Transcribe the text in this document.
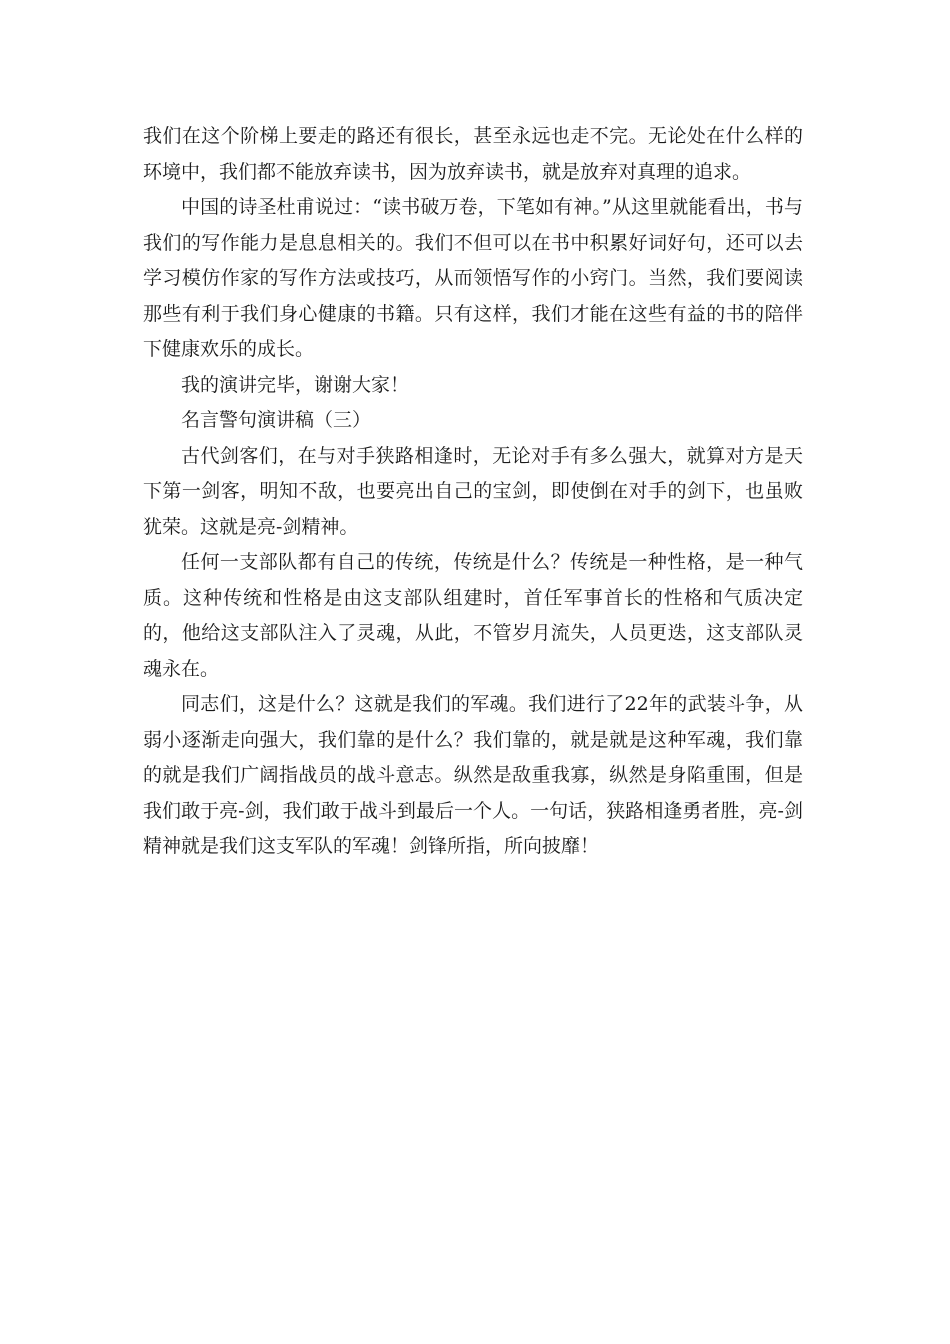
我们在这个阶梯上要走的路还有很长，甚至永远也走不完。无论处在什么样的环境中，我们都不能放弃读书，因为放弃读书，就是放弃对真理的追求。

中国的诗圣杜甫说过：“读书破万卷，下笔如有神。”从这里就能看出，书与我们的写作能力是息息相关的。我们不但可以在书中积累好词好句，还可以去学习模仿作家的写作方法或技巧，从而领悟写作的小窍门。当然，我们要阅读那些有利于我们身心健康的书籍。只有这样，我们才能在这些有益的书的陪伴下健康欢乐的成长。

我的演讲完毕，谢谢大家！

名言警句演讲稿（三）

古代剑客们，在与对手狭路相逢时，无论对手有多么强大，就算对方是天下第一剑客，明知不敌，也要亮出自己的宝剑，即使倒在对手的剑下，也虽败犹荣。这就是亮-剑精神。

任何一支部队都有自己的传统，传统是什么？传统是一种性格，是一种气质。这种传统和性格是由这支部队组建时，首任军事首长的性格和气质决定的，他给这支部队注入了灵魂，从此，不管岁月流失，人员更迭，这支部队灵魂永在。

同志们，这是什么？这就是我们的军魂。我们进行了22年的武装斗争，从弱小逐渐走向强大，我们靠的是什么？我们靠的，就是就是这种军魂，我们靠的就是我们广阔指战员的战斗意志。纵然是敌重我寡，纵然是身陷重围，但是我们敢于亮-剑，我们敢于战斗到最后一个人。一句话，狭路相逢勇者胜，亮-剑精神就是我们这支军队的军魂！剑锋所指，所向披靡！
